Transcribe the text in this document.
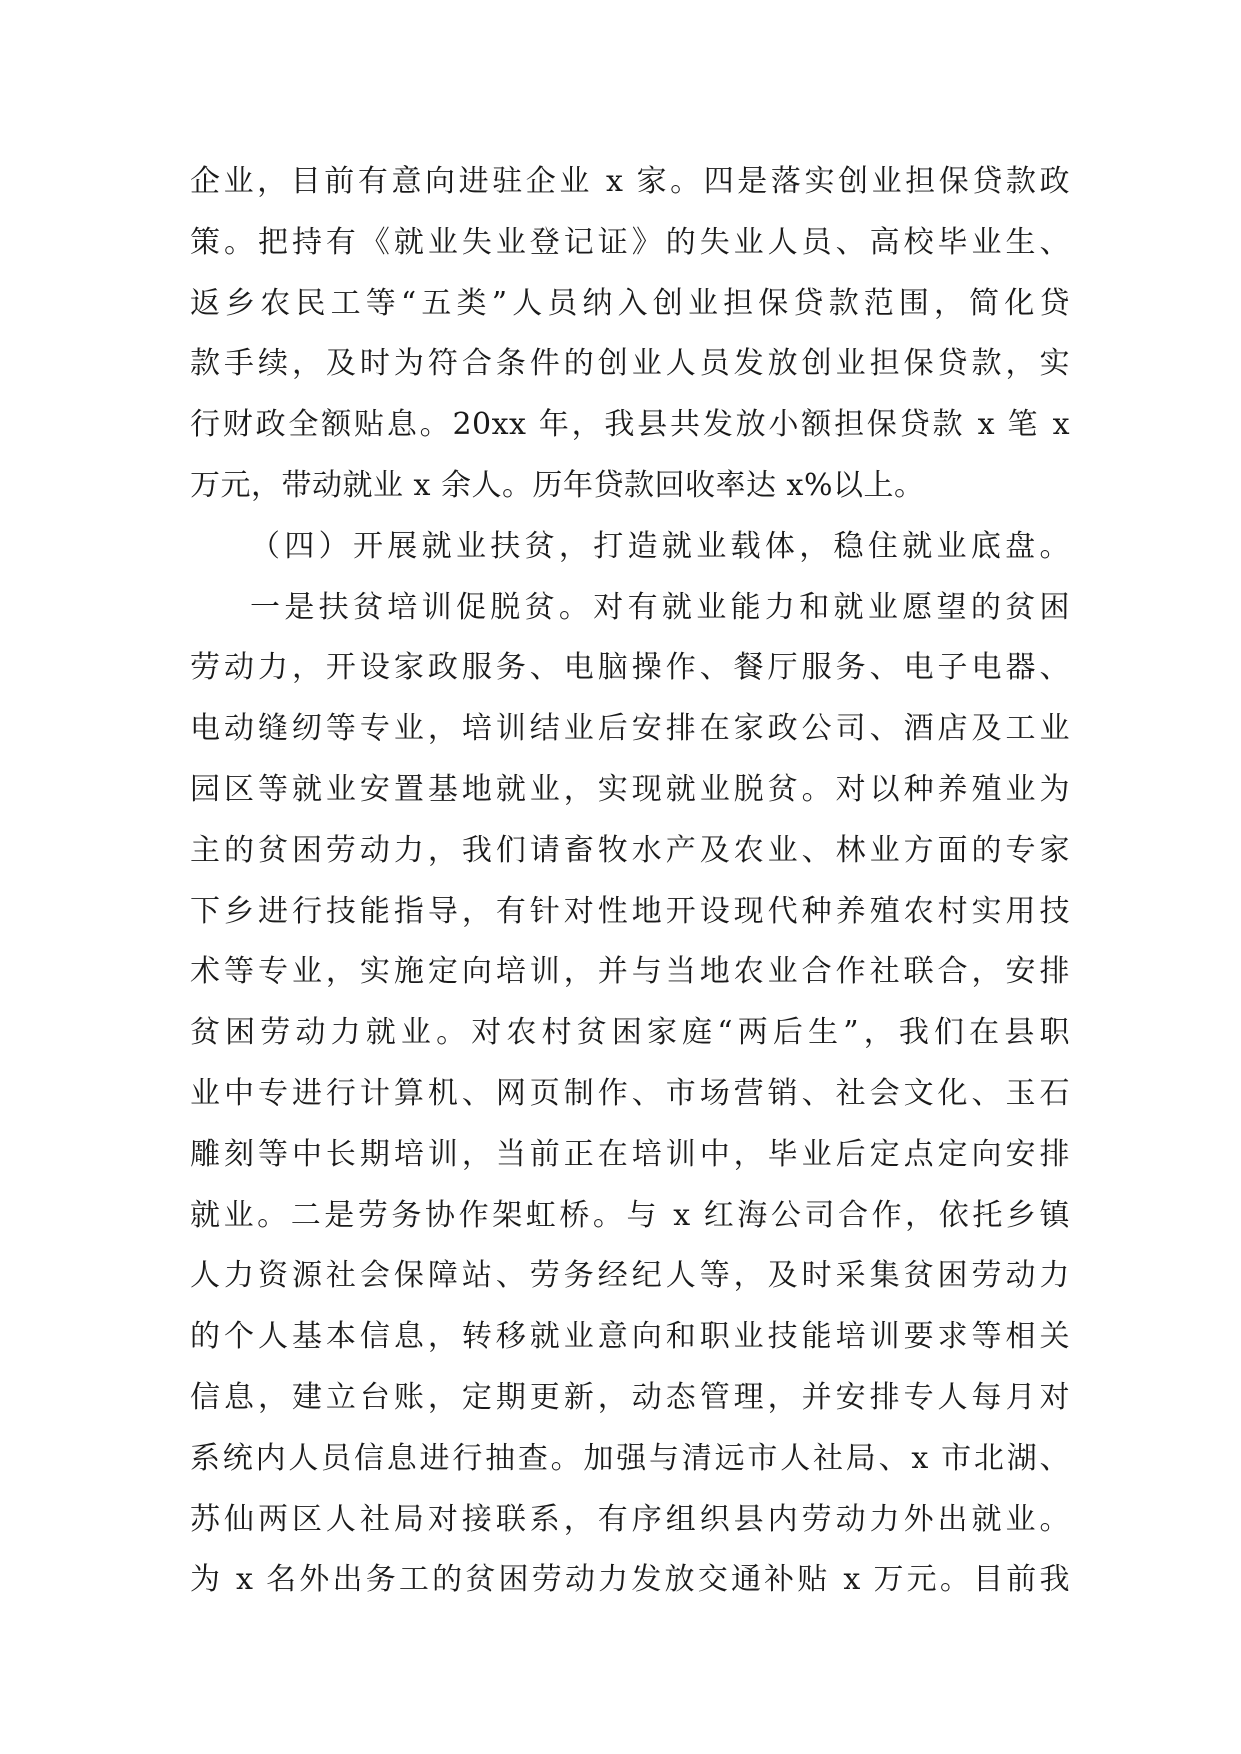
企业，目前有意向进驻企业 x 家。四是落实创业担保贷款政
策。把持有《就业失业登记证》的失业人员、高校毕业生、
返乡农民工等“五类”人员纳入创业担保贷款范围，简化贷
款手续，及时为符合条件的创业人员发放创业担保贷款，实
行财政全额贴息。20xx 年，我县共发放小额担保贷款 x 笔 x
万元，带动就业 x 余人。历年贷款回收率达 x%以上。
（四）开展就业扶贫，打造就业载体，稳住就业底盘。
一是扶贫培训促脱贫。对有就业能力和就业愿望的贫困
劳动力，开设家政服务、电脑操作、餐厅服务、电子电器、
电动缝纫等专业，培训结业后安排在家政公司、酒店及工业
园区等就业安置基地就业，实现就业脱贫。对以种养殖业为
主的贫困劳动力，我们请畜牧水产及农业、林业方面的专家
下乡进行技能指导，有针对性地开设现代种养殖农村实用技
术等专业，实施定向培训，并与当地农业合作社联合，安排
贫困劳动力就业。对农村贫困家庭“两后生”，我们在县职
业中专进行计算机、网页制作、市场营销、社会文化、玉石
雕刻等中长期培训，当前正在培训中，毕业后定点定向安排
就业。二是劳务协作架虹桥。与 x 红海公司合作，依托乡镇
人力资源社会保障站、劳务经纪人等，及时采集贫困劳动力
的个人基本信息，转移就业意向和职业技能培训要求等相关
信息，建立台账，定期更新，动态管理，并安排专人每月对
系统内人员信息进行抽查。加强与清远市人社局、x 市北湖、
苏仙两区人社局对接联系，有序组织县内劳动力外出就业。
为 x 名外出务工的贫困劳动力发放交通补贴 x 万元。目前我
